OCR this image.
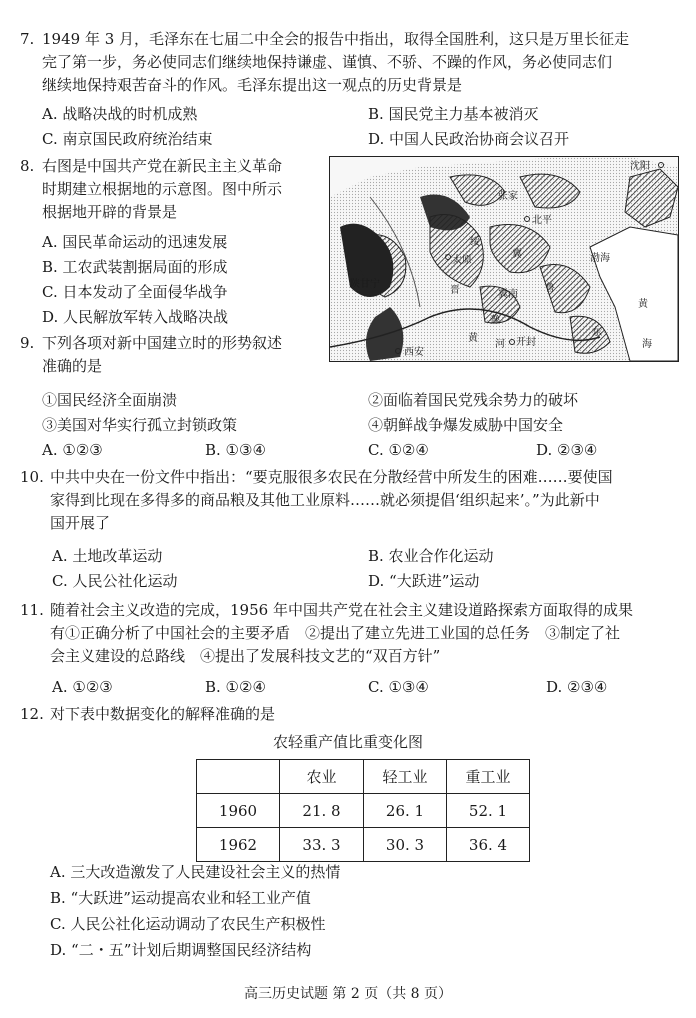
7. 1949 年 3 月，毛泽东在七届二中全会的报告中指出，取得全国胜利，这只是万里长征走
完了第一步，务必使同志们继续地保持谦虚、谨慎、不骄、不躁的作风，务必使同志们
继续地保持艰苦奋斗的作风。毛泽东提出这一观点的历史背景是
A. 战略决战的时机成熟	B. 国民党主力基本被消灭
C. 南京国民政府统治结束	D. 中国人民政治协商会议召开
8. 右图是中国共产党在新民主主义革命
时期建立根据地的示意图。图中所示
根据地开辟的背景是
A. 国民革命运动的迅速发展
B. 工农武装割据局面的形成
C. 日本发动了全面侵华战争
D. 人民解放军转入战略决战
沈阳
张家
北平
渤海
绥
陕甘宁
太原
晋
冀
鲁
冀南
豫
西安
黄
河 开封
东
黄
海
9. 下列各项对新中国建立时的形势叙述
准确的是
①国民经济全面崩溃	②面临着国民党残余势力的破坏
③美国对华实行孤立封锁政策	④朝鲜战争爆发威胁中国安全
A. ①②③	B. ①③④	C. ①②④	D. ②③④
10. 中共中央在一份文件中指出：“要克服很多农民在分散经营中所发生的困难……要使国
家得到比现在多得多的商品粮及其他工业原料……就必须提倡‘组织起来’。”为此新中
国开展了
A. 土地改革运动	B. 农业合作化运动
C. 人民公社化运动	D. “大跃进”运动
11. 随着社会主义改造的完成，1956 年中国共产党在社会主义建设道路探索方面取得的成果
有①正确分析了中国社会的主要矛盾　②提出了建立先进工业国的总任务　③制定了社
会主义建设的总路线　④提出了发展科技文艺的“双百方针”
A. ①②③	B. ①②④	C. ①③④	D. ②③④
12. 对下表中数据变化的解释准确的是
农轻重产值比重变化图
	农业	轻工业	重工业
1960	21. 8	26. 1	52. 1
1962	33. 3	30. 3	36. 4
A. 三大改造激发了人民建设社会主义的热情
B. “大跃进”运动提高农业和轻工业产值
C. 人民公社化运动调动了农民生产积极性
D. “二・五”计划后期调整国民经济结构
高三历史试题 第 2 页（共 8 页）
